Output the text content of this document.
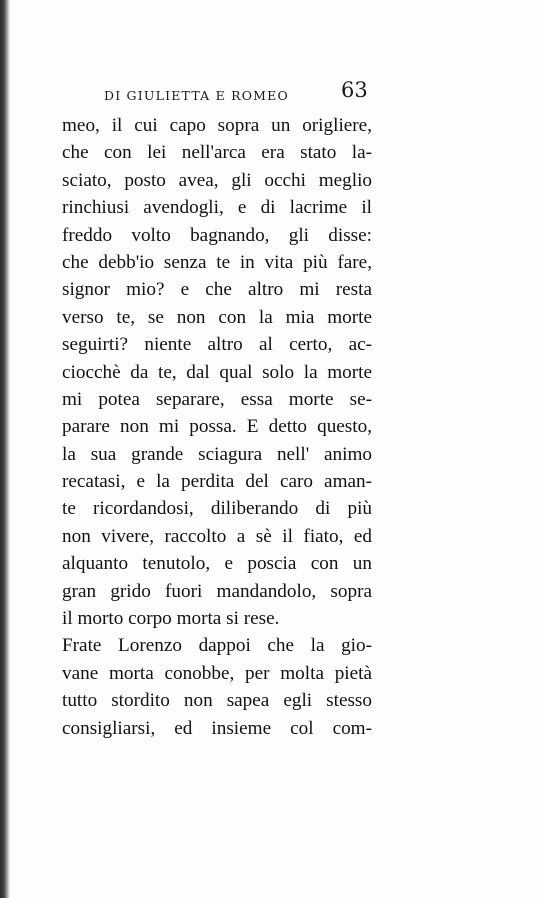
DI GIULIETTA E ROMEO 63
meo, il cui capo sopra un origliere,
che con lei nell'arca era stato la-
sciato, posto avea, gli occhi meglio
rinchiusi avendogli, e di lacrime il
freddo volto bagnando, gli disse:
che debb'io senza te in vita più fare,
signor mio? e che altro mi resta
verso te, se non con la mia morte
seguirti? niente altro al certo, ac-
ciocchè da te, dal qual solo la morte
mi potea separare, essa morte se-
parare non mi possa. E detto questo,
la sua grande sciagura nell' animo
recatasi, e la perdita del caro aman-
te ricordandosi, diliberando di più
non vivere, raccolto a sè il fiato, ed
alquanto tenutolo, e poscia con un
gran grido fuori mandandolo, sopra
il morto corpo morta si rese.
Frate Lorenzo dappoi che la gio-
vane morta conobbe, per molta pietà
tutto stordito non sapea egli stesso
consigliarsi, ed insieme col com-
